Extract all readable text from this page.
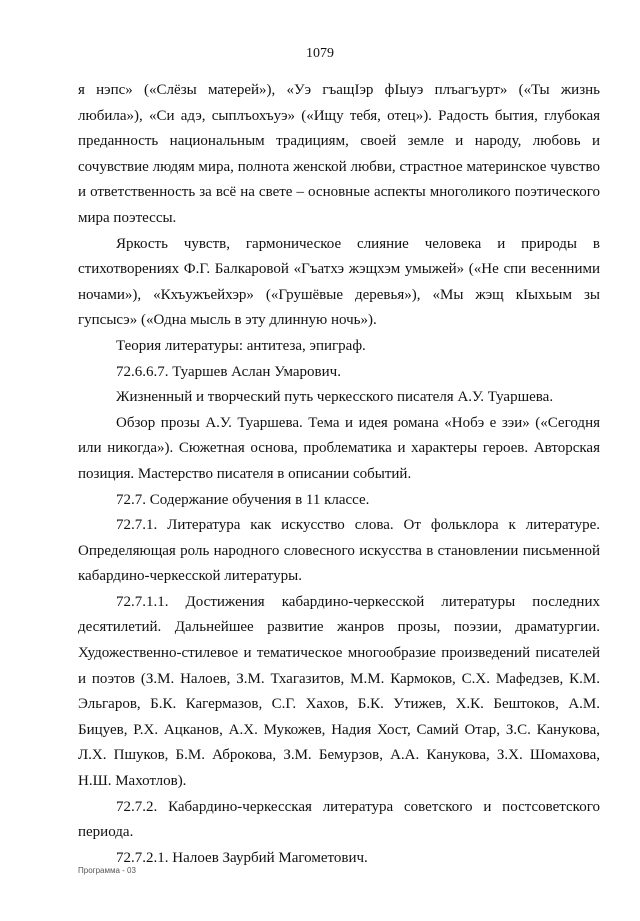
1079

я нэпс» («Слёзы матерей»), «Уэ гъащIэр фIыуэ плъагъурт» («Ты жизнь любила»), «Си адэ, сыплъохъуэ» («Ищу тебя, отец»). Радость бытия, глубокая преданность национальным традициям, своей земле и народу, любовь и сочувствие людям мира, полнота женской любви, страстное материнское чувство и ответственность за всё на свете – основные аспекты многоликого поэтического мира поэтессы.

Яркость чувств, гармоническое слияние человека и природы в стихотворениях Ф.Г. Балкаровой «Гъатхэ жэщхэм умыжей» («Не спи весенними ночами»), «Кхъужъейхэр» («Грушёвые деревья»), «Мы жэщ кIыхьым зы гупсысэ» («Одна мысль в эту длинную ночь»).

Теория литературы: антитеза, эпиграф.

72.6.6.7. Туаршев Аслан Умарович.

Жизненный и творческий путь черкесского писателя А.У. Туаршева.

Обзор прозы А.У. Туаршева. Тема и идея романа «Нобэ е зэи» («Сегодня или никогда»). Сюжетная основа, проблематика и характеры героев. Авторская позиция. Мастерство писателя в описании событий.

72.7. Содержание обучения в 11 классе.

72.7.1. Литература как искусство слова. От фольклора к литературе. Определяющая роль народного словесного искусства в становлении письменной кабардино-черкесской литературы.

72.7.1.1. Достижения кабардино-черкесской литературы последних десятилетий. Дальнейшее развитие жанров прозы, поэзии, драматургии. Художественно-стилевое и тематическое многообразие произведений писателей и поэтов (З.М. Налоев, З.М. Тхагазитов, М.М. Кармоков, С.Х. Мафедзев, К.М. Эльгаров, Б.К. Кагермазов, С.Г. Хахов, Б.К. Утижев, Х.К. Бештоков, А.М. Бицуев, Р.Х. Ацканов, А.Х. Мукожев, Надия Хост, Самий Отар, З.С. Канукова, Л.Х. Пшуков, Б.М. Аброкова, З.М. Бемурзов, А.А. Канукова, З.Х. Шомахова, Н.Ш. Махотлов).

72.7.2. Кабардино-черкесская литература советского и постсоветского периода.

72.7.2.1. Налоев Заурбий Магометович.

Программа - 03
